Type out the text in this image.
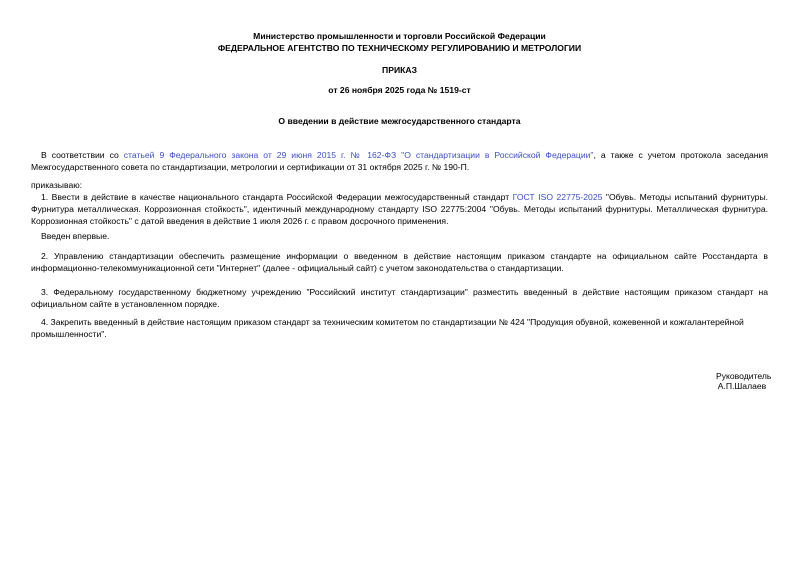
Министерство промышленности и торговли Российской Федерации
ФЕДЕРАЛЬНОЕ АГЕНТСТВО ПО ТЕХНИЧЕСКОМУ РЕГУЛИРОВАНИЮ И МЕТРОЛОГИИ
ПРИКАЗ
от 26 ноября 2025 года № 1519-ст
О введении в действие межгосударственного стандарта

В соответствии со статьей 9 Федерального закона от 29 июня 2015 г. № 162-ФЗ "О стандартизации в Российской Федерации", а также с учетом протокола заседания Межгосударственного совета по стандартизации, метрологии и сертификации от 31 октября 2025 г. № 190-П.

приказываю:

1. Ввести в действие в качестве национального стандарта Российской Федерации межгосударственный стандарт ГОСТ ISO 22775-2025 "Обувь. Методы испытаний фурнитуры. Фурнитура металлическая. Коррозионная стойкость", идентичный международному стандарту ISO 22775:2004 "Обувь. Методы испытаний фурнитуры. Металлическая фурнитура. Коррозионная стойкость" с датой введения в действие 1 июля 2026 г. с правом досрочного применения.

Введен впервые.

2. Управлению стандартизации обеспечить размещение информации о введенном в действие настоящим приказом стандарте на официальном сайте Росстандарта в информационно-телекоммуникационной сети "Интернет" (далее - официальный сайт) с учетом законодательства о стандартизации.

3. Федеральному государственному бюджетному учреждению "Российский институт стандартизации" разместить введенный в действие настоящим приказом стандарт на официальном сайте в установленном порядке.

4. Закрепить введенный в действие настоящим приказом стандарт за техническим комитетом по стандартизации № 424 "Продукция обувной, кожевенной и кожгалантерейной промышленности".

Руководитель
А.П.Шалаев
